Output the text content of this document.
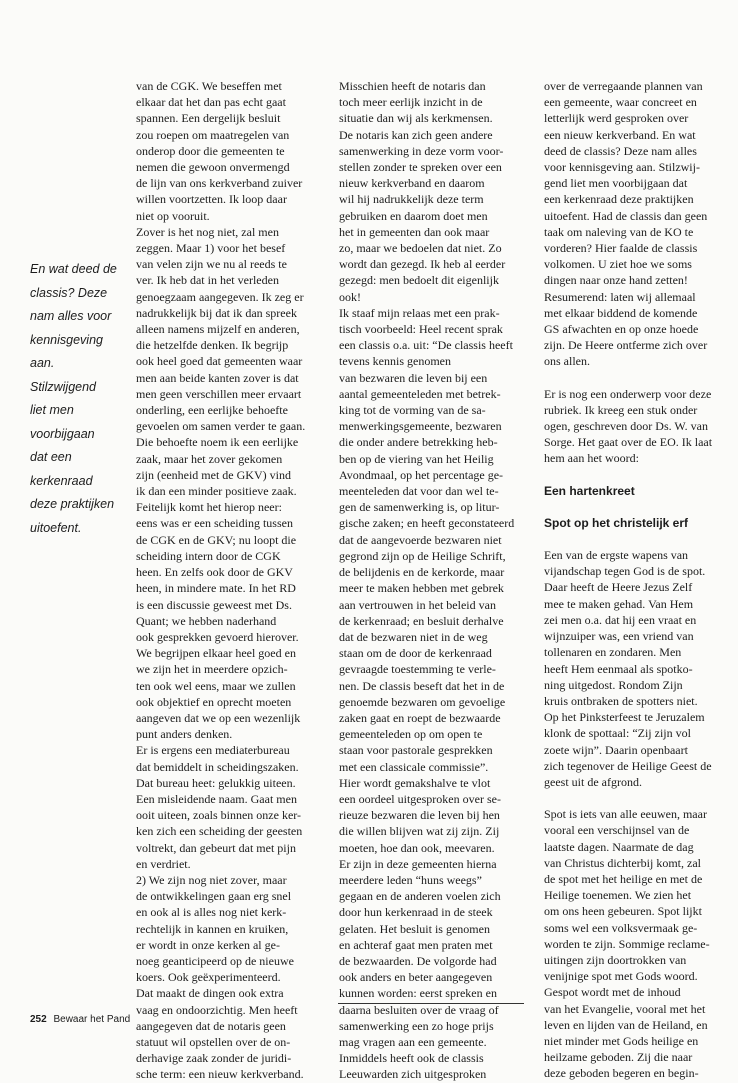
En wat deed de

classis? Deze

nam alles voor

kennisgeving

aan.

Stilzwijgend

liet men

voorbijgaan

dat een

kerkenraad

deze praktijken

uitoefent.

van de CGK. We beseffen met

elkaar dat het dan pas echt gaat

spannen. Een dergelijk besluit

zou roepen om maatregelen van

onderop door die gemeenten te

nemen die gewoon onvermengd

de lijn van ons kerkverband zuiver

willen voortzetten. Ik loop daar

niet op vooruit.

Zover is het nog niet, zal men

zeggen. Maar 1) voor het besef

van velen zijn we nu al reeds te

ver. Ik heb dat in het verleden

genoegzaam aangegeven. Ik zeg er

nadrukkelijk bij dat ik dan spreek

alleen namens mijzelf en anderen,

die hetzelfde denken. Ik begrijp

ook heel goed dat gemeenten waar

men aan beide kanten zover is dat

men geen verschillen meer ervaart

onderling, een eerlijke behoefte

gevoelen om samen verder te gaan.

Die behoefte noem ik een eerlijke

zaak, maar het zover gekomen

zijn (eenheid met de GKV) vind

ik dan een minder positieve zaak.

Feitelijk komt het hierop neer:

eens was er een scheiding tussen

de CGK en de GKV; nu loopt die

scheiding intern door de CGK

heen. En zelfs ook door de GKV

heen, in mindere mate. In het RD

is een discussie geweest met Ds.

Quant; we hebben naderhand

ook gesprekken gevoerd hierover.

We begrijpen elkaar heel goed en

we zijn het in meerdere opzich-

ten ook wel eens, maar we zullen

ook objektief en oprecht moeten

aangeven dat we op een wezenlijk

punt anders denken.

Er is ergens een mediaterbureau

dat bemiddelt in scheidingszaken.

Dat bureau heet: gelukkig uiteen.

Een misleidende naam. Gaat men

ooit uiteen, zoals binnen onze ker-

ken zich een scheiding der geesten

voltrekt, dan gebeurt dat met pijn

en verdriet.

2) We zijn nog niet zover, maar

de ontwikkelingen gaan erg snel

en ook al is alles nog niet kerk-

rechtelijk in kannen en kruiken,

er wordt in onze kerken al ge-

noeg geanticipeerd op de nieuwe

koers. Ook geëxperimenteerd.

Dat maakt de dingen ook extra

vaag en ondoorzichtig. Men heeft

aangegeven dat de notaris geen

statuut wil opstellen over de on-

derhavige zaak zonder de juridi-

sche term: een nieuw kerkverband.

Misschien heeft de notaris dan

toch meer eerlijk inzicht in de

situatie dan wij als kerkmensen.

De notaris kan zich geen andere

samenwerking in deze vorm voor-

stellen zonder te spreken over een

nieuw kerkverband en daarom

wil hij nadrukkelijk deze term

gebruiken en daarom doet men

het in gemeenten dan ook maar

zo, maar we bedoelen dat niet. Zo

wordt dan gezegd. Ik heb al eerder

gezegd: men bedoelt dit eigenlijk

ook!

Ik staaf mijn relaas met een prak-

tisch voorbeeld: Heel recent sprak

een classis o.a. uit: “De classis heeft

tevens kennis genomen

van bezwaren die leven bij een

aantal gemeenteleden met betrek-

king tot de vorming van de sa-

menwerkingsgemeente, bezwaren

die onder andere betrekking heb-

ben op de viering van het Heilig

Avondmaal, op het percentage ge-

meenteleden dat voor dan wel te-

gen de samenwerking is, op litur-

gische zaken; en heeft geconstateerd

dat de aangevoerde bezwaren niet

gegrond zijn op de Heilige Schrift,

de belijdenis en de kerkorde, maar

meer te maken hebben met gebrek

aan vertrouwen in het beleid van

de kerkenraad; en besluit derhalve

dat de bezwaren niet in de weg

staan om de door de kerkenraad

gevraagde toestemming te verle-

nen. De classis beseft dat het in de

genoemde bezwaren om gevoelige

zaken gaat en roept de bezwaarde

gemeenteleden op om open te

staan voor pastorale gesprekken

met een classicale commissie”.

Hier wordt gemakshalve te vlot

een oordeel uitgesproken over se-

rieuze bezwaren die leven bij hen

die willen blijven wat zij zijn. Zij

moeten, hoe dan ook, meevaren.

Er zijn in deze gemeenten hierna

meerdere leden “huns weegs”

gegaan en de anderen voelen zich

door hun kerkenraad in de steek

gelaten. Het besluit is genomen

en achteraf gaat men praten met

de bezwaarden. De volgorde had

ook anders en beter aangegeven

kunnen worden: eerst spreken en

daarna besluiten over de vraag of

samenwerking een zo hoge prijs

mag vragen aan een gemeente.

Inmiddels heeft ook de classis

Leeuwarden zich uitgesproken

over de verregaande plannen van

een gemeente, waar concreet en

letterlijk werd gesproken over

een nieuw kerkverband. En wat

deed de classis? Deze nam alles

voor kennisgeving aan. Stilzwij-

gend liet men voorbijgaan dat

een kerkenraad deze praktijken

uitoefent. Had de classis dan geen

taak om naleving van de KO te

vorderen? Hier faalde de classis

volkomen. U ziet hoe we soms

dingen naar onze hand zetten!

Resumerend: laten wij allemaal

met elkaar biddend de komende

GS afwachten en op onze hoede

zijn. De Heere ontferme zich over

ons allen.

Er is nog een onderwerp voor deze

rubriek. Ik kreeg een stuk onder

ogen, geschreven door Ds. W. van

Sorge. Het gaat over de EO. Ik laat

hem aan het woord:

Een hartenkreet

Spot op het christelijk erf

Een van de ergste wapens van

vijandschap tegen God is de spot.

Daar heeft de Heere Jezus Zelf

mee te maken gehad. Van Hem

zei men o.a. dat hij een vraat en

wijnzuiper was, een vriend van

tollenaren en zondaren. Men

heeft Hem eenmaal als spotko-

ning uitgedost. Rondom Zijn

kruis ontbraken de spotters niet.

Op het Pinksterfeest te Jeruzalem

klonk de spottaal: “Zij zijn vol

zoete wijn”. Daarin openbaart

zich tegenover de Heilige Geest de

geest uit de afgrond.

Spot is iets van alle eeuwen, maar

vooral een verschijnsel van de

laatste dagen. Naarmate de dag

van Christus dichterbij komt, zal

de spot met het heilige en met de

Heilige toenemen. We zien het

om ons heen gebeuren. Spot lijkt

soms wel een volksvermaak ge-

worden te zijn. Sommige reclame-

uitingen zijn doortrokken van

venijnige spot met Gods woord.

Gespot wordt met de inhoud

van het Evangelie, vooral met het

leven en lijden van de Heiland, en

niet minder met Gods heilige en

heilzame geboden. Zij die naar

deze geboden begeren en begin-

252 Bewaar het Pand
